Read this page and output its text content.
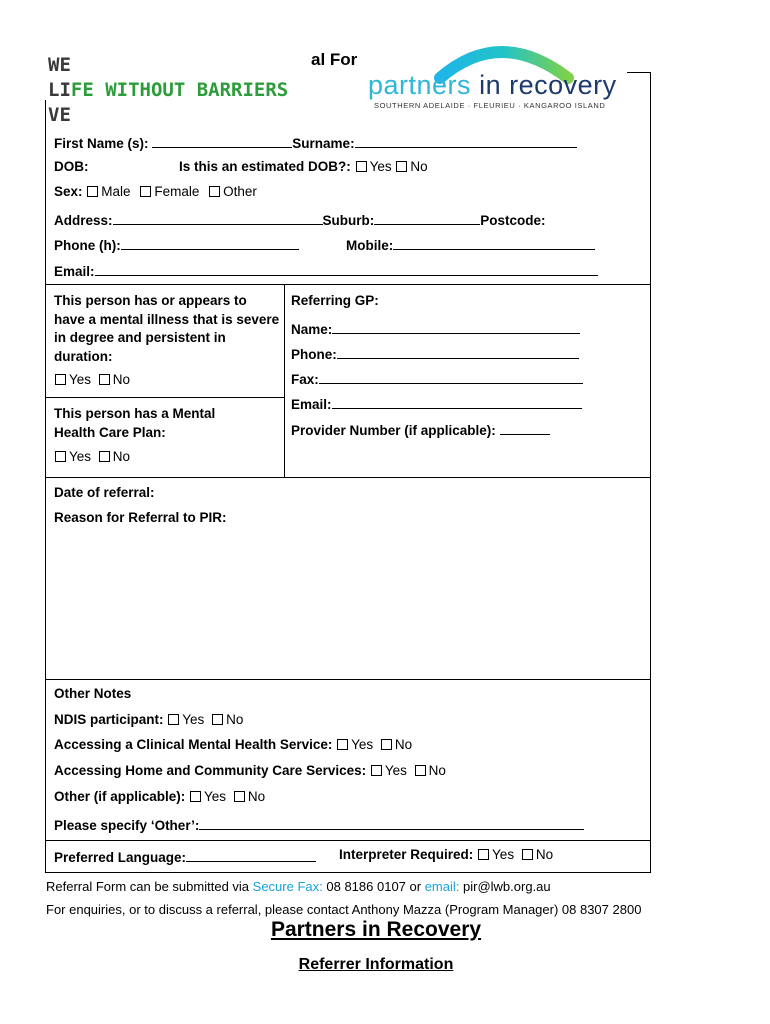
WE
LIFE WITHOUT BARRIERS
VE
al For
partners in recovery
SOUTHERN ADELAIDE · FLEURIEU · KANGAROO ISLAND
First Name (s):	Surname:
DOB:	Is this an estimated DOB?: Yes No
Sex: Male Female Other
Address:	Suburb:	Postcode:
Phone (h):	Mobile:
Email:
This person has or appears to have a mental illness that is severe in degree and persistent in duration:
Yes No
This person has a Mental Health Care Plan:
Yes No
Referring GP:
Name:
Phone:
Fax:
Email:
Provider Number (if applicable):
Date of referral:
Reason for Referral to PIR:
Other Notes
NDIS participant: Yes No
Accessing a Clinical Mental Health Service: Yes No
Accessing Home and Community Care Services: Yes No
Other (if applicable): Yes No
Please specify ‘Other’:
Preferred Language:	Interpreter Required: Yes No
Referral Form can be submitted via Secure Fax: 08 8186 0107 or email: pir@lwb.org.au
For enquiries, or to discuss a referral, please contact Anthony Mazza (Program Manager) 08 8307 2800
Partners in Recovery
Referrer Information
